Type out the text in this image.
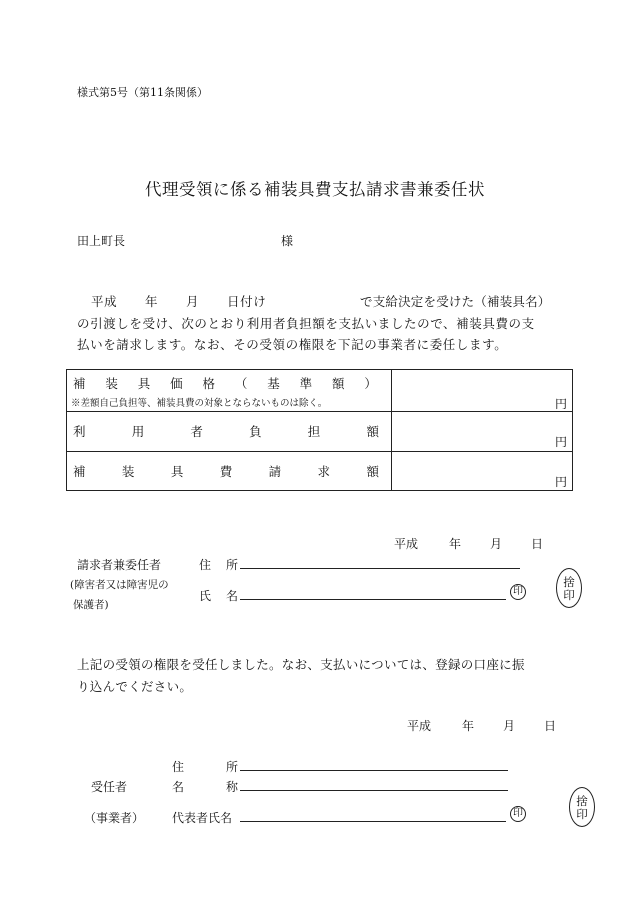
様式第5号（第11条関係）
代理受領に係る補装具費支払請求書兼委任状
田上町長	様
平成 年 月 日付け	で支給決定を受けた（補装具名）
の引渡しを受け、次のとおり利用者負担額を支払いましたので、補装具費の支
払いを請求します。なお、その受領の権限を下記の事業者に委任します。
補 装 具 価 格 （ 基 準 額 ）
※差額自己負担等、補装具費の対象とならないものは除く。	円
利	用	者	負	担	額
円
補	装	具	費	請	求	額
円
平成	年 月 日
請求者兼委任者
(障害者又は障害児の
保護者)
住 所
氏 名	印
捨
印
上記の受領の権限を受任しました。なお、支払いについては、登録の口座に振
り込んでください。
平成	年 月 日
住	所
受任者	名	称
（事業者） 代表者氏名	印
捨
印
